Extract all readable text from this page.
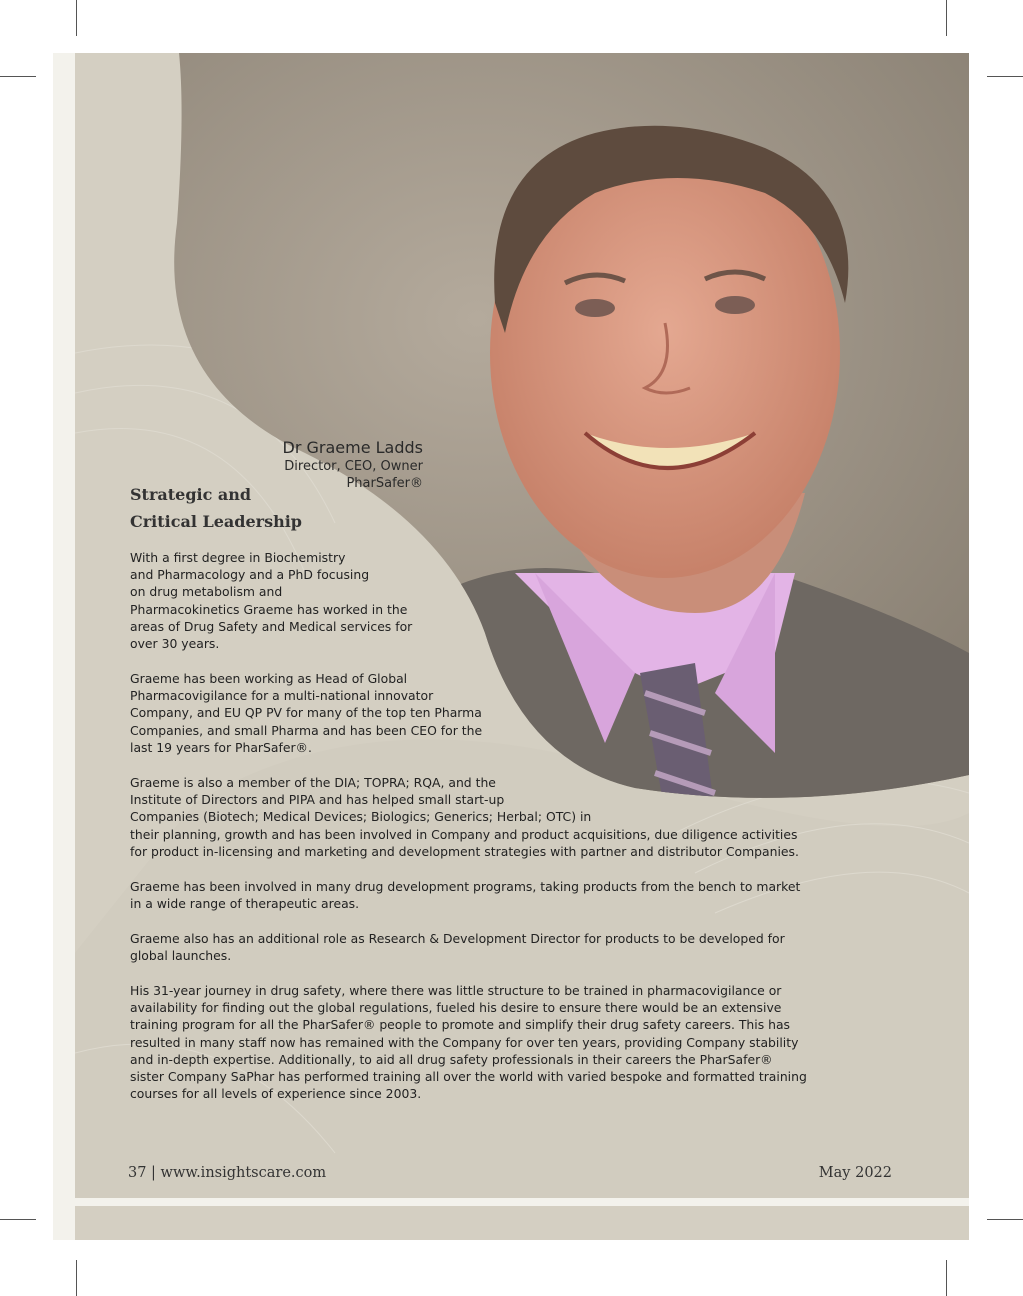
Dr Graeme Ladds
Director, CEO, Owner
PharSafer®
Strategic and
Critical Leadership
With a first degree in Biochemistry
and Pharmacology and a PhD focusing
on drug metabolism and
Pharmacokinetics Graeme has worked in the
areas of Drug Safety and Medical services for
over 30 years.
Graeme has been working as Head of Global
Pharmacovigilance for a multi-national innovator
Company, and EU QP PV for many of the top ten Pharma
Companies, and small Pharma and has been CEO for the
last 19 years for PharSafer®.
Graeme is also a member of the DIA; TOPRA; RQA, and the
Institute of Directors and PIPA and has helped small start-up
Companies (Biotech; Medical Devices; Biologics; Generics; Herbal; OTC) in
their planning, growth and has been involved in Company and product acquisitions, due diligence activities
for product in-licensing and marketing and development strategies with partner and distributor Companies.
Graeme has been involved in many drug development programs, taking products from the bench to market
in a wide range of therapeutic areas.
Graeme also has an additional role as Research & Development Director for products to be developed for
global launches.
His 31-year journey in drug safety, where there was little structure to be trained in pharmacovigilance or
availability for finding out the global regulations, fueled his desire to ensure there would be an extensive
training program for all the PharSafer® people to promote and simplify their drug safety careers. This has
resulted in many staff now has remained with the Company for over ten years, providing Company stability
and in-depth expertise. Additionally, to aid all drug safety professionals in their careers the PharSafer®
sister Company SaPhar has performed training all over the world with varied bespoke and formatted training
courses for all levels of experience since 2003.
37 | www.insightscare.com	May 2022
